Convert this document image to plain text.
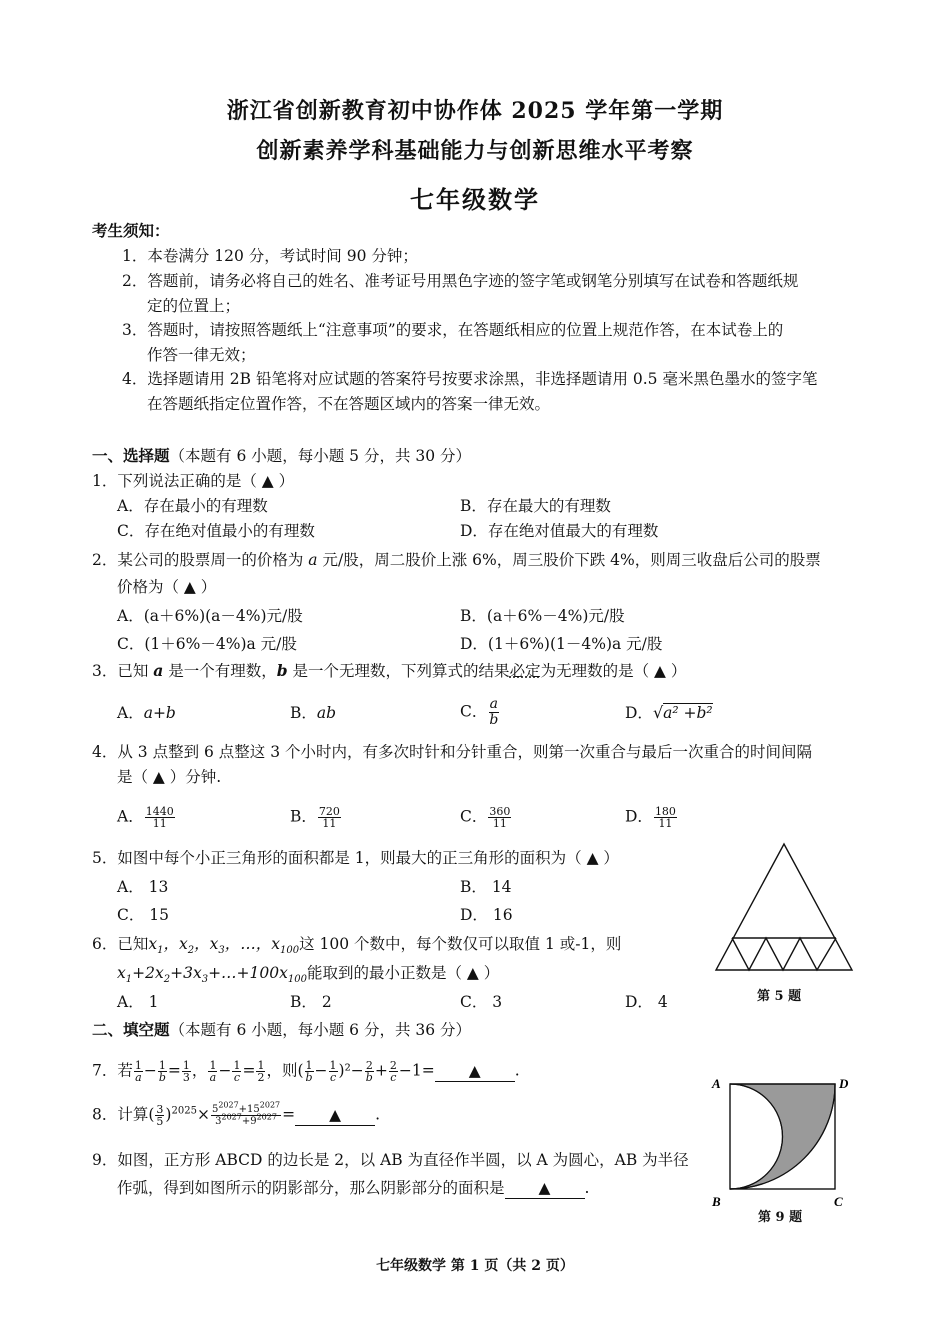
浙江省创新教育初中协作体 2025 学年第一学期
创新素养学科基础能力与创新思维水平考察
七年级数学
考生须知：
1．本卷满分 120 分，考试时间 90 分钟；
2．答题前，请务必将自己的姓名、准考证号用黑色字迹的签字笔或钢笔分别填写在试卷和答题纸规
定的位置上；
3．答题时，请按照答题纸上“注意事项”的要求，在答题纸相应的位置上规范作答，在本试卷上的
作答一律无效；
4．选择题请用 2B 铅笔将对应试题的答案符号按要求涂黑，非选择题请用 0.5 毫米黑色墨水的签字笔
在答题纸指定位置作答，不在答题区域内的答案一律无效。
一、选择题（本题有 6 小题，每小题 5 分，共 30 分）
1．下列说法正确的是（ ▲ ）
A．存在最小的有理数	B．存在最大的有理数
C．存在绝对值最小的有理数	D．存在绝对值最大的有理数
2．某公司的股票周一的价格为 a 元/股，周二股价上涨 6%，周三股价下跌 4%，则周三收盘后公司的股票
价格为（ ▲ ）
A．(a＋6%)(a－4%)元/股	B．(a＋6%－4%)元/股
C．(1＋6%－4%)a 元/股	D．(1＋6%)(1－4%)a 元/股
3．已知 a 是一个有理数，b 是一个无理数，下列算式的结果必定为无理数的是（ ▲ ）
A．a+b	B．ab	C． $\frac{a}{b}$	D．√a² +b²
4．从 3 点整到 6 点整这 3 个小时内，有多次时针和分针重合，则第一次重合与最后一次重合的时间间隔
是（ ▲ ）分钟.
A． $\frac{1440}{11}$	B． $\frac{720}{11}$	C． $\frac{360}{11}$	D． $\frac{180}{11}$
5．如图中每个小正三角形的面积都是 1，则最大的正三角形的面积为（ ▲ ）
A． 13	B． 14
C． 15	D． 16
第 5 题
6．已知$x_1$，$x_2$，$x_3$，…，$x_{100}$这 100 个数中，每个数仅可以取值 1 或-1，则
$x_1+2x_2+3x_3+\dots+100x_{100}$能取到的最小正数是（ ▲ ）
A． 1	B． 2	C． 3	D． 4
二、填空题（本题有 6 小题，每小题 6 分，共 36 分）
7．若 $\frac{1}{a} - \frac{1}{b} = \frac{1}{3}$ ， $\frac{1}{a} - \frac{1}{c} = \frac{1}{2}$ ，则( $\frac{1}{b} - \frac{1}{c} )^2- \frac{2}{b} + \frac{2}{c} -1=$ ▲ .
8．计算( $\frac{3}{5} )^{2025}\times \frac{5^{2027}+15^{2027}}{3^{2027}+9^{2027}}$ = ▲ .
9．如图，正方形 ABCD 的边长是 2，以 AB 为直径作半圆，以 A 为圆心，AB 为半径
作弧，得到如图所示的阴影部分，那么阴影部分的面积是 ▲ .
A	D
B	C
第 9 题
七年级数学 第 1 页（共 2 页）
